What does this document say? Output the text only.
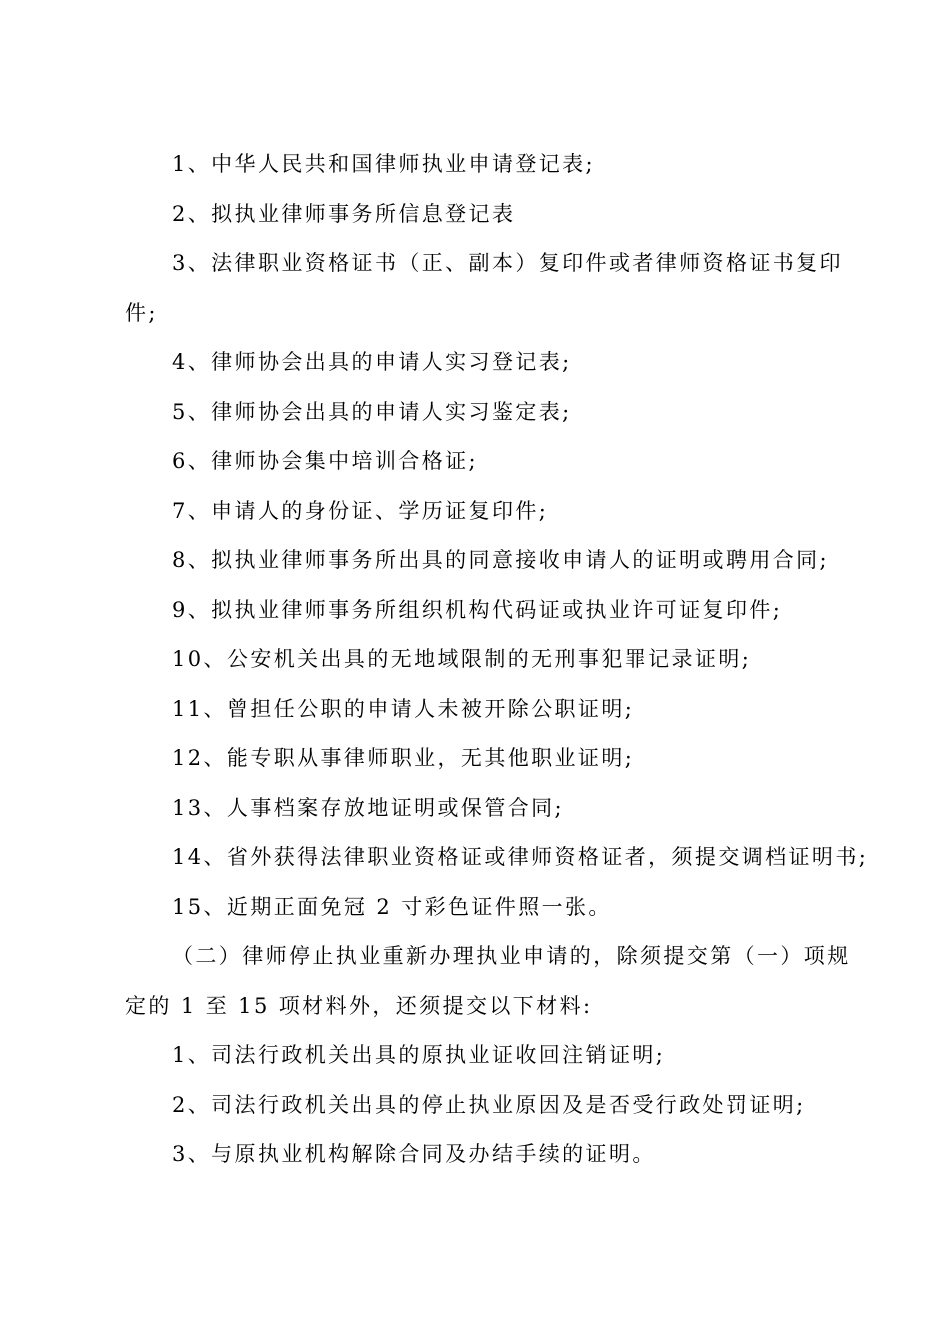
1、中华人民共和国律师执业申请登记表;
2、拟执业律师事务所信息登记表
3、法律职业资格证书（正、副本）复印件或者律师资格证书复印
件;
4、律师协会出具的申请人实习登记表;
5、律师协会出具的申请人实习鉴定表;
6、律师协会集中培训合格证;
7、申请人的身份证、学历证复印件;
8、拟执业律师事务所出具的同意接收申请人的证明或聘用合同;
9、拟执业律师事务所组织机构代码证或执业许可证复印件;
10、公安机关出具的无地域限制的无刑事犯罪记录证明;
11、曾担任公职的申请人未被开除公职证明;
12、能专职从事律师职业，无其他职业证明;
13、人事档案存放地证明或保管合同;
14、省外获得法律职业资格证或律师资格证者，须提交调档证明书;
15、近期正面免冠 2 寸彩色证件照一张。
（二）律师停止执业重新办理执业申请的，除须提交第（一）项规
定的 1 至 15 项材料外，还须提交以下材料:
1、司法行政机关出具的原执业证收回注销证明;
2、司法行政机关出具的停止执业原因及是否受行政处罚证明;
3、与原执业机构解除合同及办结手续的证明。
